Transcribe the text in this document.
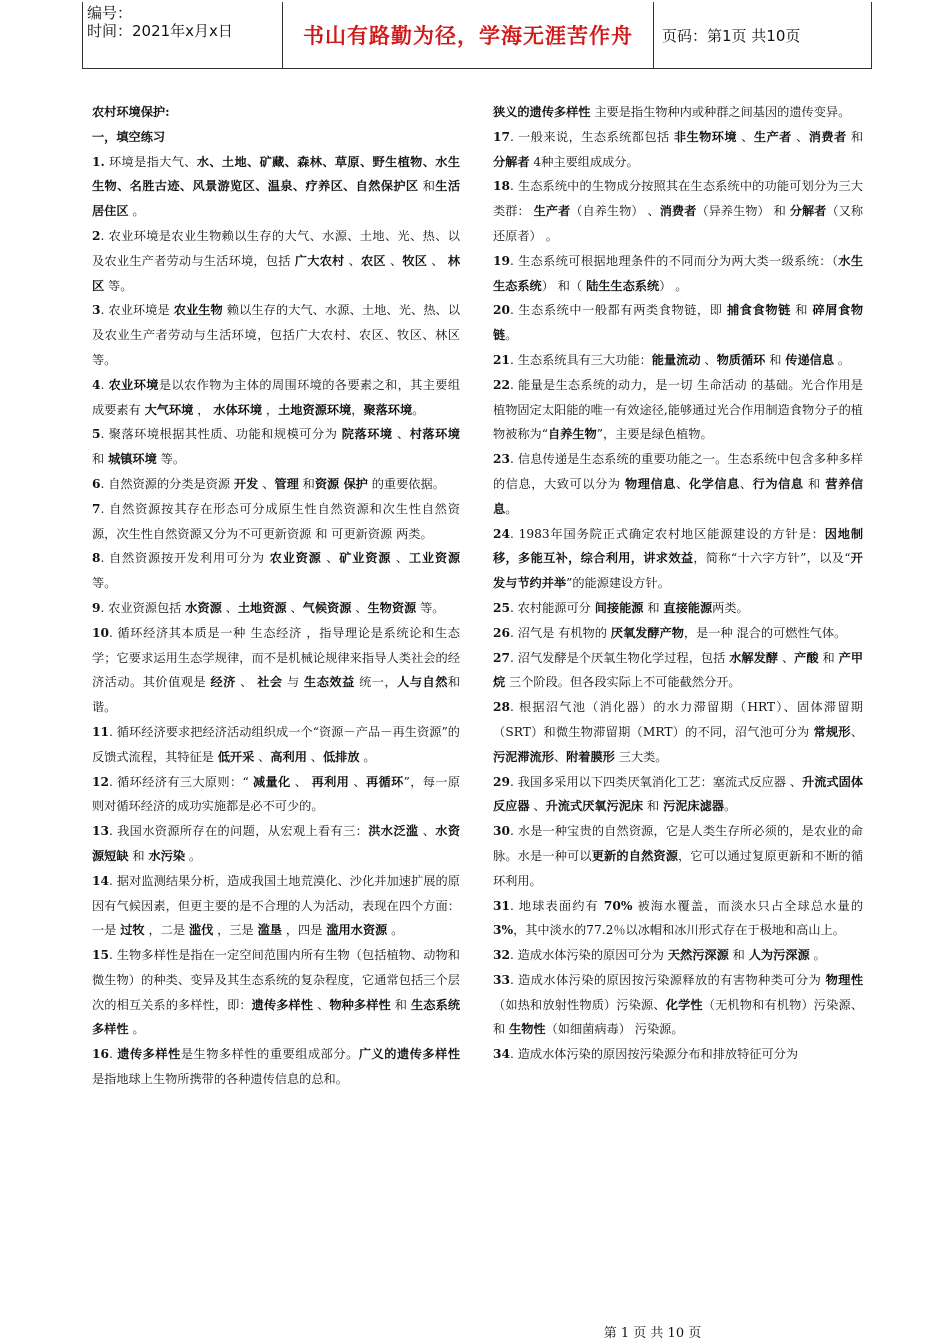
编号：
时间：2021年x月x日	书山有路勤为径，学海无涯苦作舟 页码：第1页 共10页

农村环境保护:

一，填空练习

1. 环境是指大气、水、土地、矿藏、森林、草原、野生植物、水生生物、名胜古迹、风景游览区、温泉、疗养区、自然保护区 和生活居住区 。

2. 农业环境是农业生物赖以生存的大气、水源、土地、光、热、以及农业生产者劳动与生活环境，包括 广大农村 、农区 、牧区 、 林区 等。

3. 农业环境是 农业生物 赖以生存的大气、水源、土地、光、热、以及农业生产者劳动与生活环境，包括广大农村、农区、牧区、林区等。

4. 农业环境是以农作物为主体的周围环境的各要素之和，其主要组成要素有 大气环境 ， 水体环境 ，土地资源环境，聚落环境。

5. 聚落环境根据其性质、功能和规模可分为 院落环境 、村落环境 和 城镇环境 等。

6. 自然资源的分类是资源 开发 、管理 和资源 保护 的重要依据。

7. 自然资源按其存在形态可分成原生性自然资源和次生性自然资源，次生性自然资源又分为不可更新资源 和 可更新资源 两类。

8. 自然资源按开发利用可分为 农业资源 、矿业资源 、工业资源 等。

9. 农业资源包括 水资源 、土地资源 、气候资源 、生物资源 等。

10. 循环经济其本质是一种 生态经济 ，指导理论是系统论和生态学；它要求运用生态学规律，而不是机械论规律来指导人类社会的经济活动。其价值观是 经济 、 社会 与 生态效益 统一，人与自然和谐。

11. 循环经济要求把经济活动组织成一个“资源－产品－再生资源”的反馈式流程，其特征是 低开采 、高利用 、低排放 。

12. 循环经济有三大原则：“ 减量化 、 再利用 、再循环”，每一原则对循环经济的成功实施都是必不可少的。

13. 我国水资源所存在的问题，从宏观上看有三：洪水泛滥 、水资源短缺 和 水污染 。

14. 据对监测结果分析，造成我国土地荒漠化、沙化并加速扩展的原因有气候因素，但更主要的是不合理的人为活动，表现在四个方面：一是 过牧 ，二是 滥伐 ，三是 滥垦 ，四是 滥用水资源 。

15. 生物多样性是指在一定空间范围内所有生物（包括植物、动物和微生物）的种类、变异及其生态系统的复杂程度，它通常包括三个层次的相互关系的多样性，即：遗传多样性 、物种多样性 和 生态系统多样性 。

16. 遗传多样性是生物多样性的重要组成部分。广义的遗传多样性 是指地球上生物所携带的各种遗传信息的总和。

狭义的遗传多样性 主要是指生物种内或种群之间基因的遗传变异。

17. 一般来说，生态系统都包括 非生物环境 、生产者 、消费者 和 分解者 4种主要组成成分。

18. 生态系统中的生物成分按照其在生态系统中的功能可划分为三大类群： 生产者（自养生物） 、消费者（异养生物） 和 分解者（又称还原者） 。

19. 生态系统可根据地理条件的不同而分为两大类一级系统：（水生生态系统） 和（ 陆生生态系统） 。

20. 生态系统中一般都有两类食物链，即 捕食食物链 和 碎屑食物链。

21. 生态系统具有三大功能：能量流动 、物质循环 和 传递信息 。

22. 能量是生态系统的动力，是一切 生命活动 的基础。光合作用是植物固定太阳能的唯一有效途径,能够通过光合作用制造食物分子的植物被称为“自养生物”，主要是绿色植物。

23. 信息传递是生态系统的重要功能之一。生态系统中包含多种多样的信息，大致可以分为 物理信息、化学信息、行为信息 和 营养信息。

24. 1983年国务院正式确定农村地区能源建设的方针是：因地制移，多能互补，综合利用，讲求效益，简称“十六字方针”，以及“开发与节约并举”的能源建设方针。

25. 农村能源可分 间接能源 和 直接能源两类。

26. 沼气是 有机物的 厌氧发酵产物，是一种 混合的可燃性气体。

27. 沼气发酵是个厌氧生物化学过程，包括 水解发酵 、产酸 和 产甲烷 三个阶段。但各段实际上不可能截然分开。

28. 根据沼气池（消化器）的水力滞留期（HRT）、固体滞留期（SRT）和微生物滞留期（MRT）的不同，沼气池可分为 常规形、污泥滞流形、附着膜形 三大类。

29. 我国多采用以下四类厌氧消化工艺：塞流式反应器 、升流式固体反应器 、升流式厌氧污泥床 和 污泥床滤器。

30. 水是一种宝贵的自然资源，它是人类生存所必须的，是农业的命脉。水是一种可以更新的自然资源，它可以通过复原更新和不断的循环利用。

31. 地球表面约有 70% 被海水覆盖，而淡水只占全球总水量的 3%，其中淡水的77.2％以冰帽和冰川形式存在于极地和高山上。

32. 造成水体污染的原因可分为 天然污深源 和 人为污深源 。

33. 造成水体污染的原因按污染源释放的有害物种类可分为 物理性（如热和放射性物质）污染源、化学性（无机物和有机物）污染源、和 生物性（如细菌病毒） 污染源。

34. 造成水体污染的原因按污染源分布和排放特征可分为

第 1 页 共 10 页
